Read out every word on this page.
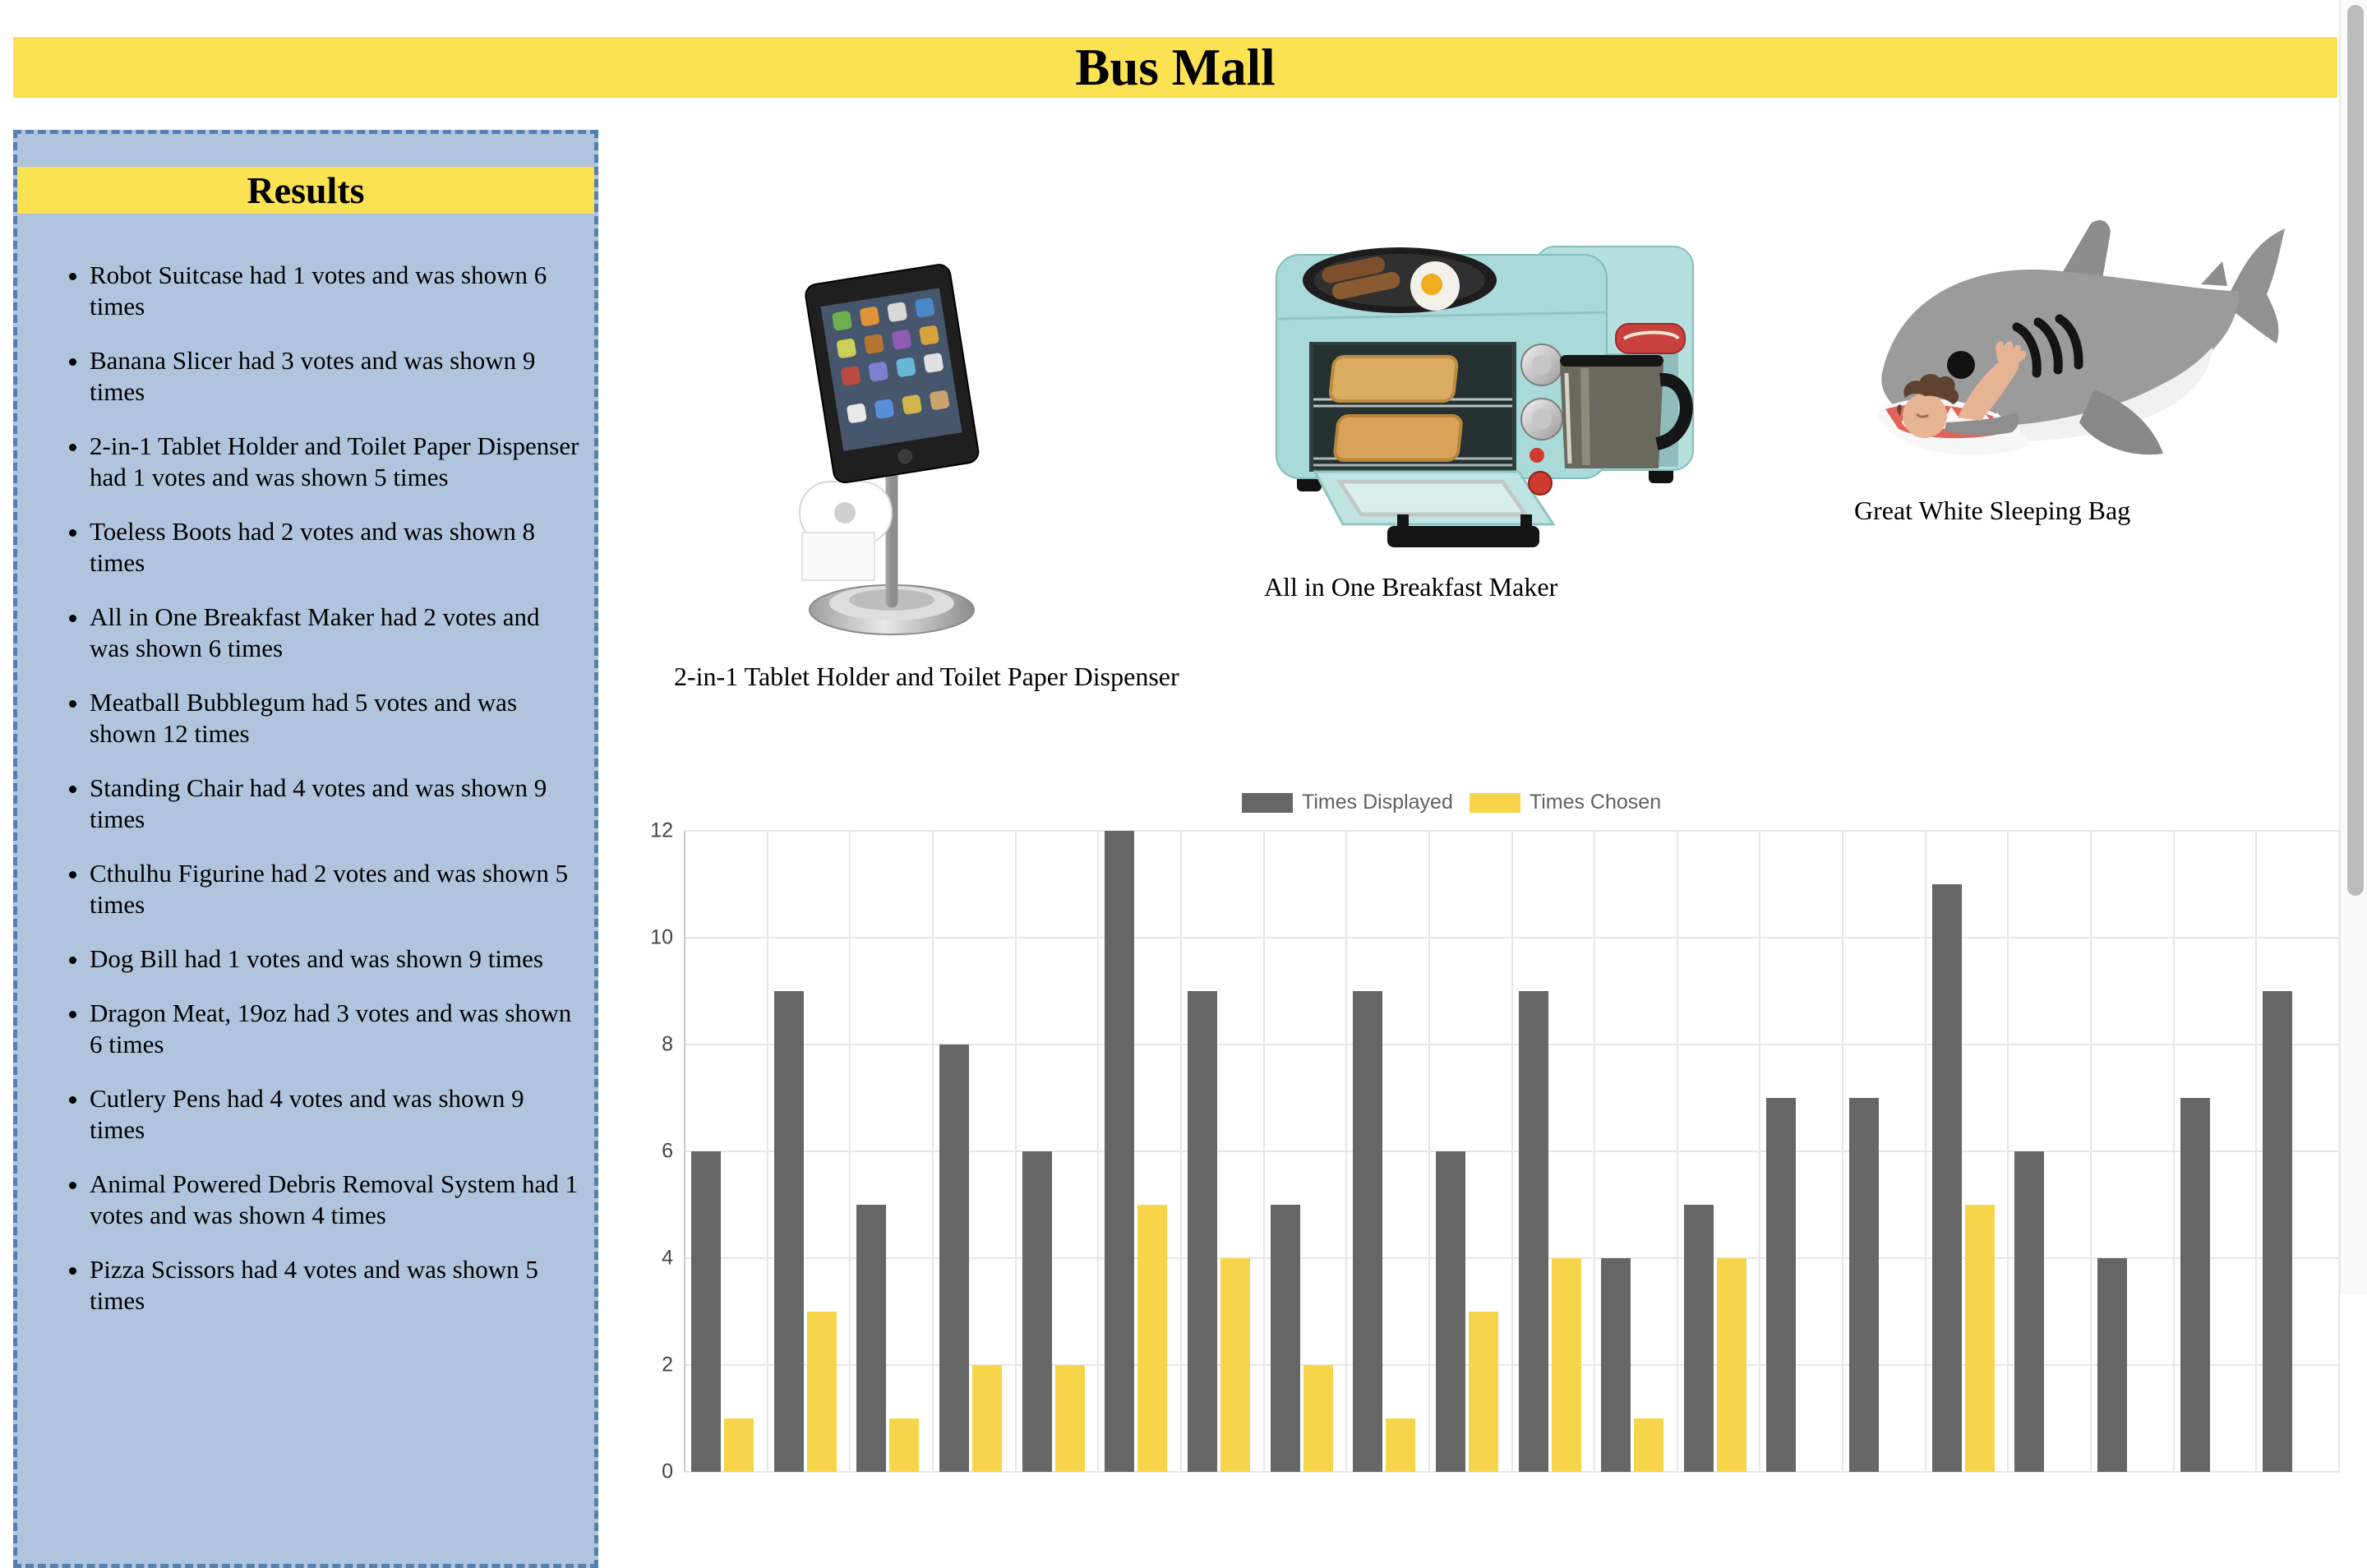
Bus Mall
Results
• Robot Suitcase had 1 votes and was shown 6 times
• Banana Slicer had 3 votes and was shown 9 times
• 2-in-1 Tablet Holder and Toilet Paper Dispenser had 1 votes and was shown 5 times
• Toeless Boots had 2 votes and was shown 8 times
• All in One Breakfast Maker had 2 votes and was shown 6 times
• Meatball Bubblegum had 5 votes and was shown 12 times
• Standing Chair had 4 votes and was shown 9 times
• Cthulhu Figurine had 2 votes and was shown 5 times
• Dog Bill had 1 votes and was shown 9 times
• Dragon Meat, 19oz had 3 votes and was shown 6 times
• Cutlery Pens had 4 votes and was shown 9 times
• Animal Powered Debris Removal System had 1 votes and was shown 4 times
• Pizza Scissors had 4 votes and was shown 5 times
2-in-1 Tablet Holder and Toilet Paper Dispenser
All in One Breakfast Maker
Great White Sleeping Bag
Times Displayed	Times Chosen
0
2
4
6
8
10
12
